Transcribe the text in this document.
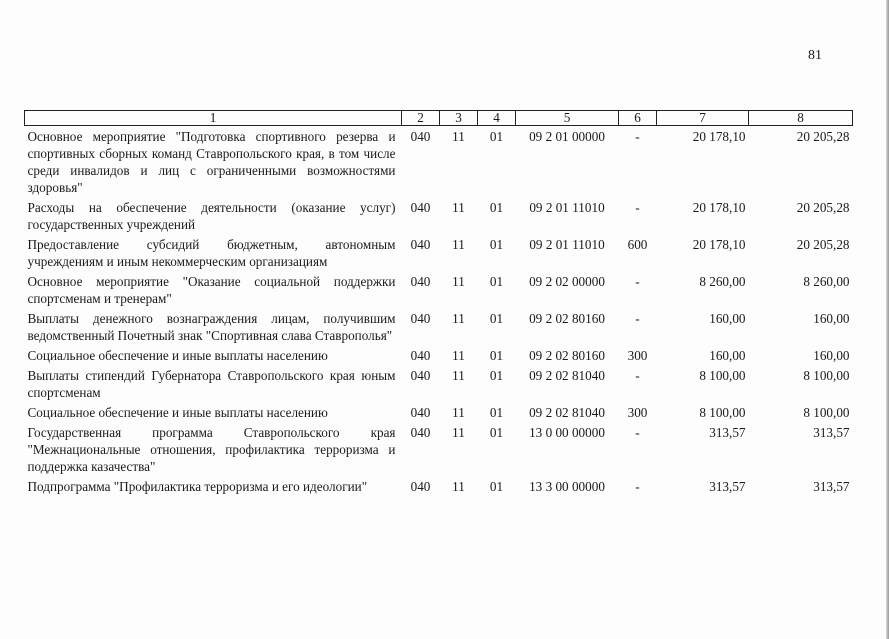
81
1	2	3	4	5	6	7	8
Основное мероприятие "Подготовка спортивного резерва и спортивных сборных команд Ставропольского края, в том числе среди инвалидов и лиц с ограниченными возможностями здоровья"	040	11	01	09 2 01 00000	-	20 178,10	20 205,28
Расходы на обеспечение деятельности (оказание услуг) государственных учреждений	040	11	01	09 2 01 11010	-	20 178,10	20 205,28
Предоставление субсидий бюджетным, автономным учреждениям и иным некоммерческим организациям	040	11	01	09 2 01 11010	600	20 178,10	20 205,28
Основное мероприятие "Оказание социальной поддержки спортсменам и тренерам"	040	11	01	09 2 02 00000	-	8 260,00	8 260,00
Выплаты денежного вознаграждения лицам, получившим ведомственный Почетный знак "Спортивная слава Ставрополья"	040	11	01	09 2 02 80160	-	160,00	160,00
Социальное обеспечение и иные выплаты населению	040	11	01	09 2 02 80160	300	160,00	160,00
Выплаты стипендий Губернатора Ставропольского края юным спортсменам	040	11	01	09 2 02 81040	-	8 100,00	8 100,00
Социальное обеспечение и иные выплаты населению	040	11	01	09 2 02 81040	300	8 100,00	8 100,00
Государственная программа Ставропольского края "Межнациональные отношения, профилактика терроризма и поддержка казачества"	040	11	01	13 0 00 00000	-	313,57	313,57
Подпрограмма "Профилактика терроризма и его идеологии"	040	11	01	13 3 00 00000	-	313,57	313,57
